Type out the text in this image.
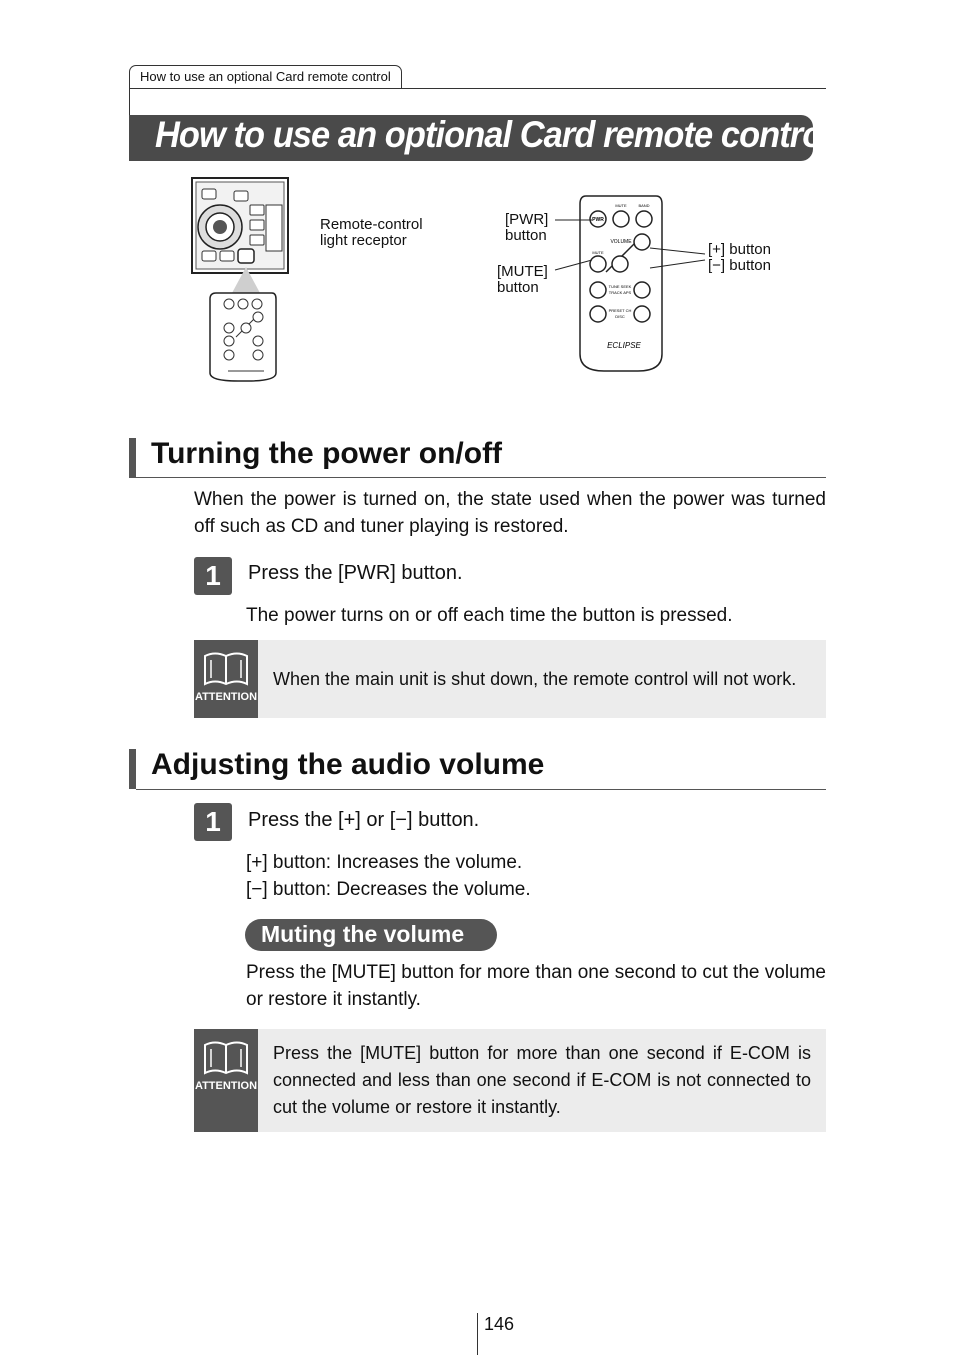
How to use an optional Card remote control
How to use an optional Card remote control
Remote-control
light receptor	VOLUME
MUTE	BAND
PWR
MUTE
TUNE SEEK
TRACK APS
PRESET CH
DISC
ECLIPSE
[PWR]
button
[MUTE]
button
[+] button
[−] button
Turning the power on/off
When the power is turned on, the state used when the power was turned off such as CD and tuner playing is restored.
1	Press the [PWR] button.
The power turns on or off each time the button is pressed.
ATTENTION
When the main unit is shut down, the remote control will not work.
Adjusting the audio volume
1	Press the [+] or [−] button.
[+] button: Increases the volume.
[−] button: Decreases the volume.
Muting the volume
Press the [MUTE] button for more than one second to cut the volume or restore it instantly.
ATTENTION
Press the [MUTE] button for more than one second if E-COM is connected and less than one second if E-COM is not connected to cut the volume or restore it instantly.
146
